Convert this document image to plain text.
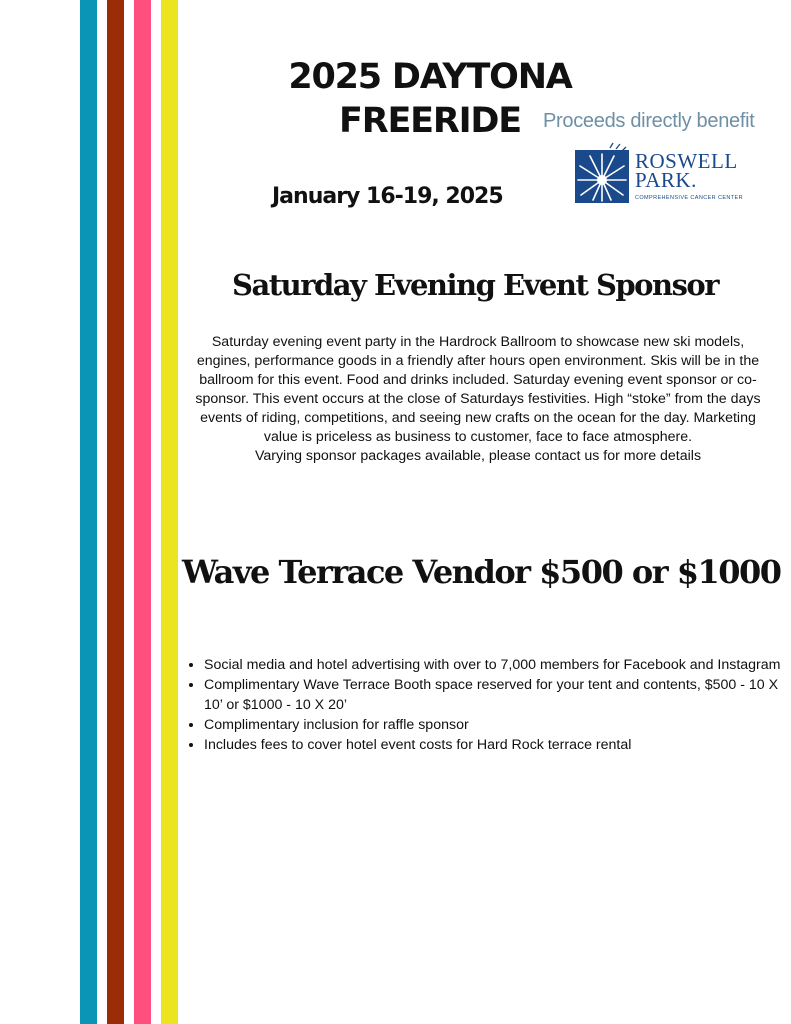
2025 DAYTONA
FREERIDE
January 16-19, 2025
Proceeds directly benefit
ROSWELL
PARK.
COMPREHENSIVE CANCER CENTER
Saturday Evening Event Sponsor
Saturday evening event party in the Hardrock Ballroom to showcase new ski models, engines, performance goods in a friendly after hours open environment. Skis will be in the ballroom for this event. Food and drinks included. Saturday evening event sponsor or co-sponsor. This event occurs at the close of Saturdays festivities. High “stoke” from the days events of riding, competitions, and seeing new crafts on the ocean for the day. Marketing value is priceless as business to customer, face to face atmosphere.
Varying sponsor packages available, please contact us for more details
Wave Terrace Vendor $500 or $1000
• Social media and hotel advertising with over to 7,000 members for Facebook and Instagram
• Complimentary Wave Terrace Booth space reserved for your tent and contents, $500 - 10 X 10’ or $1000 - 10 X 20’
• Complimentary inclusion for raffle sponsor
• Includes fees to cover hotel event costs for Hard Rock terrace rental
